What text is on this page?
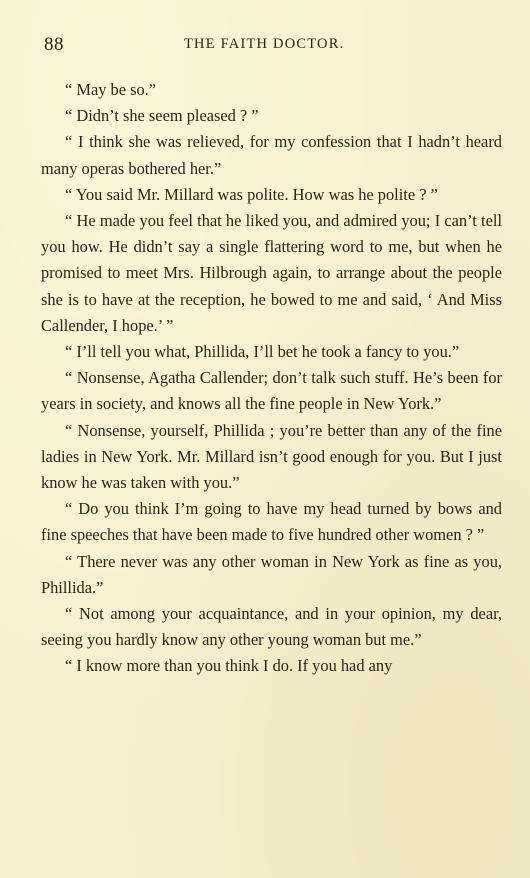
88	THE FAITH DOCTOR.

“ May be so.”

“ Didn’t she seem pleased ? ”

“ I think she was relieved, for my confession that I hadn’t heard many operas bothered her.”

“ You said Mr. Millard was polite. How was he polite ? ”

“ He made you feel that he liked you, and admired you; I can’t tell you how. He didn’t say a single flattering word to me, but when he promised to meet Mrs. Hilbrough again, to arrange about the people she is to have at the reception, he bowed to me and said, ‘ And Miss Callender, I hope.’ ”

“ I’ll tell you what, Phillida, I’ll bet he took a fancy to you.”

“ Nonsense, Agatha Callender; don’t talk such stuff. He’s been for years in society, and knows all the fine people in New York.”

“ Nonsense, yourself, Phillida ; you’re better than any of the fine ladies in New York. Mr. Millard isn’t good enough for you. But I just know he was taken with you.”

“ Do you think I’m going to have my head turned by bows and fine speeches that have been made to five hundred other women ? ”

“ There never was any other woman in New York as fine as you, Phillida.”

“ Not among your acquaintance, and in your opinion, my dear, seeing you hardly know any other young woman but me.”

“ I know more than you think I do. If you had any
